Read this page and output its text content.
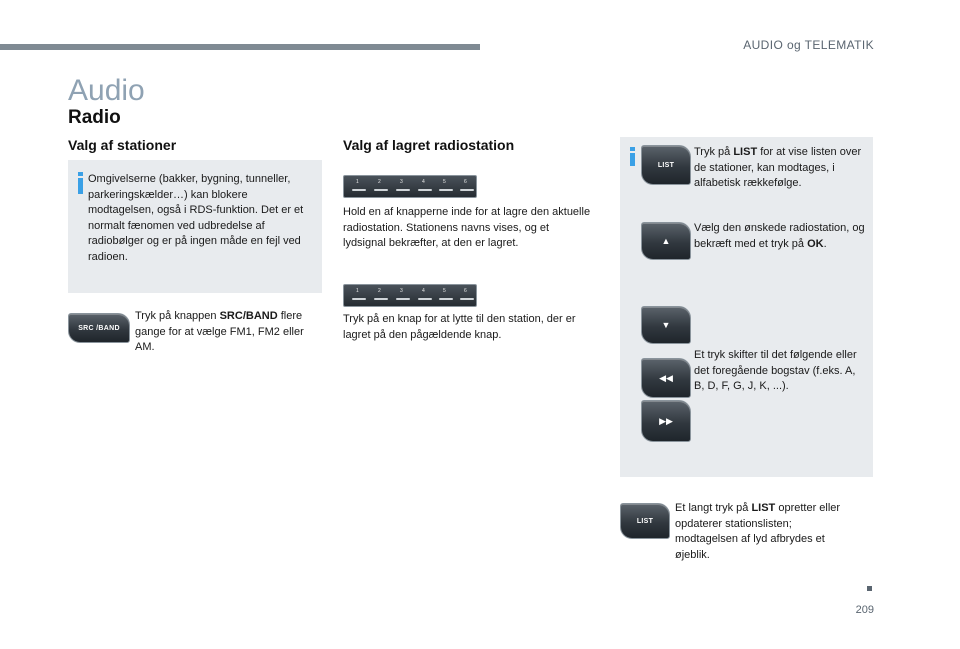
AUDIO og TELEMATIK
Audio
Radio
Valg af stationer
Omgivelserne (bakker, bygning, tunneller, parkeringskælder…) kan blokere modtagelsen, også i RDS-funktion. Det er et normalt fænomen ved udbredelse af radiobølger og er på ingen måde en fejl ved radioen.
SRC /BAND
Tryk på knappen SRC/BAND flere gange for at vælge FM1, FM2 eller AM.
Valg af lagret radiostation
1	2	3	4	5	6
Hold en af knapperne inde for at lagre den aktuelle radiostation. Stationens navns vises, og et lydsignal bekræfter, at den er lagret.
1	2	3	4	5	6
Tryk på en knap for at lytte til den station, der er lagret på den pågældende knap.
LIST
Tryk på LIST for at vise listen over de stationer, kan modtages, i alfabetisk rækkefølge.
▲
Vælg den ønskede radiostation, og bekræft med et tryk på OK.
▼
◀◀
Et tryk skifter til det følgende eller det foregående bogstav (f.eks. A, B, D, F, G, J, K, ...).
▶▶
LIST
Et langt tryk på LIST opretter eller opdaterer stationslisten; modtagelsen af lyd afbrydes et øjeblik.
209
